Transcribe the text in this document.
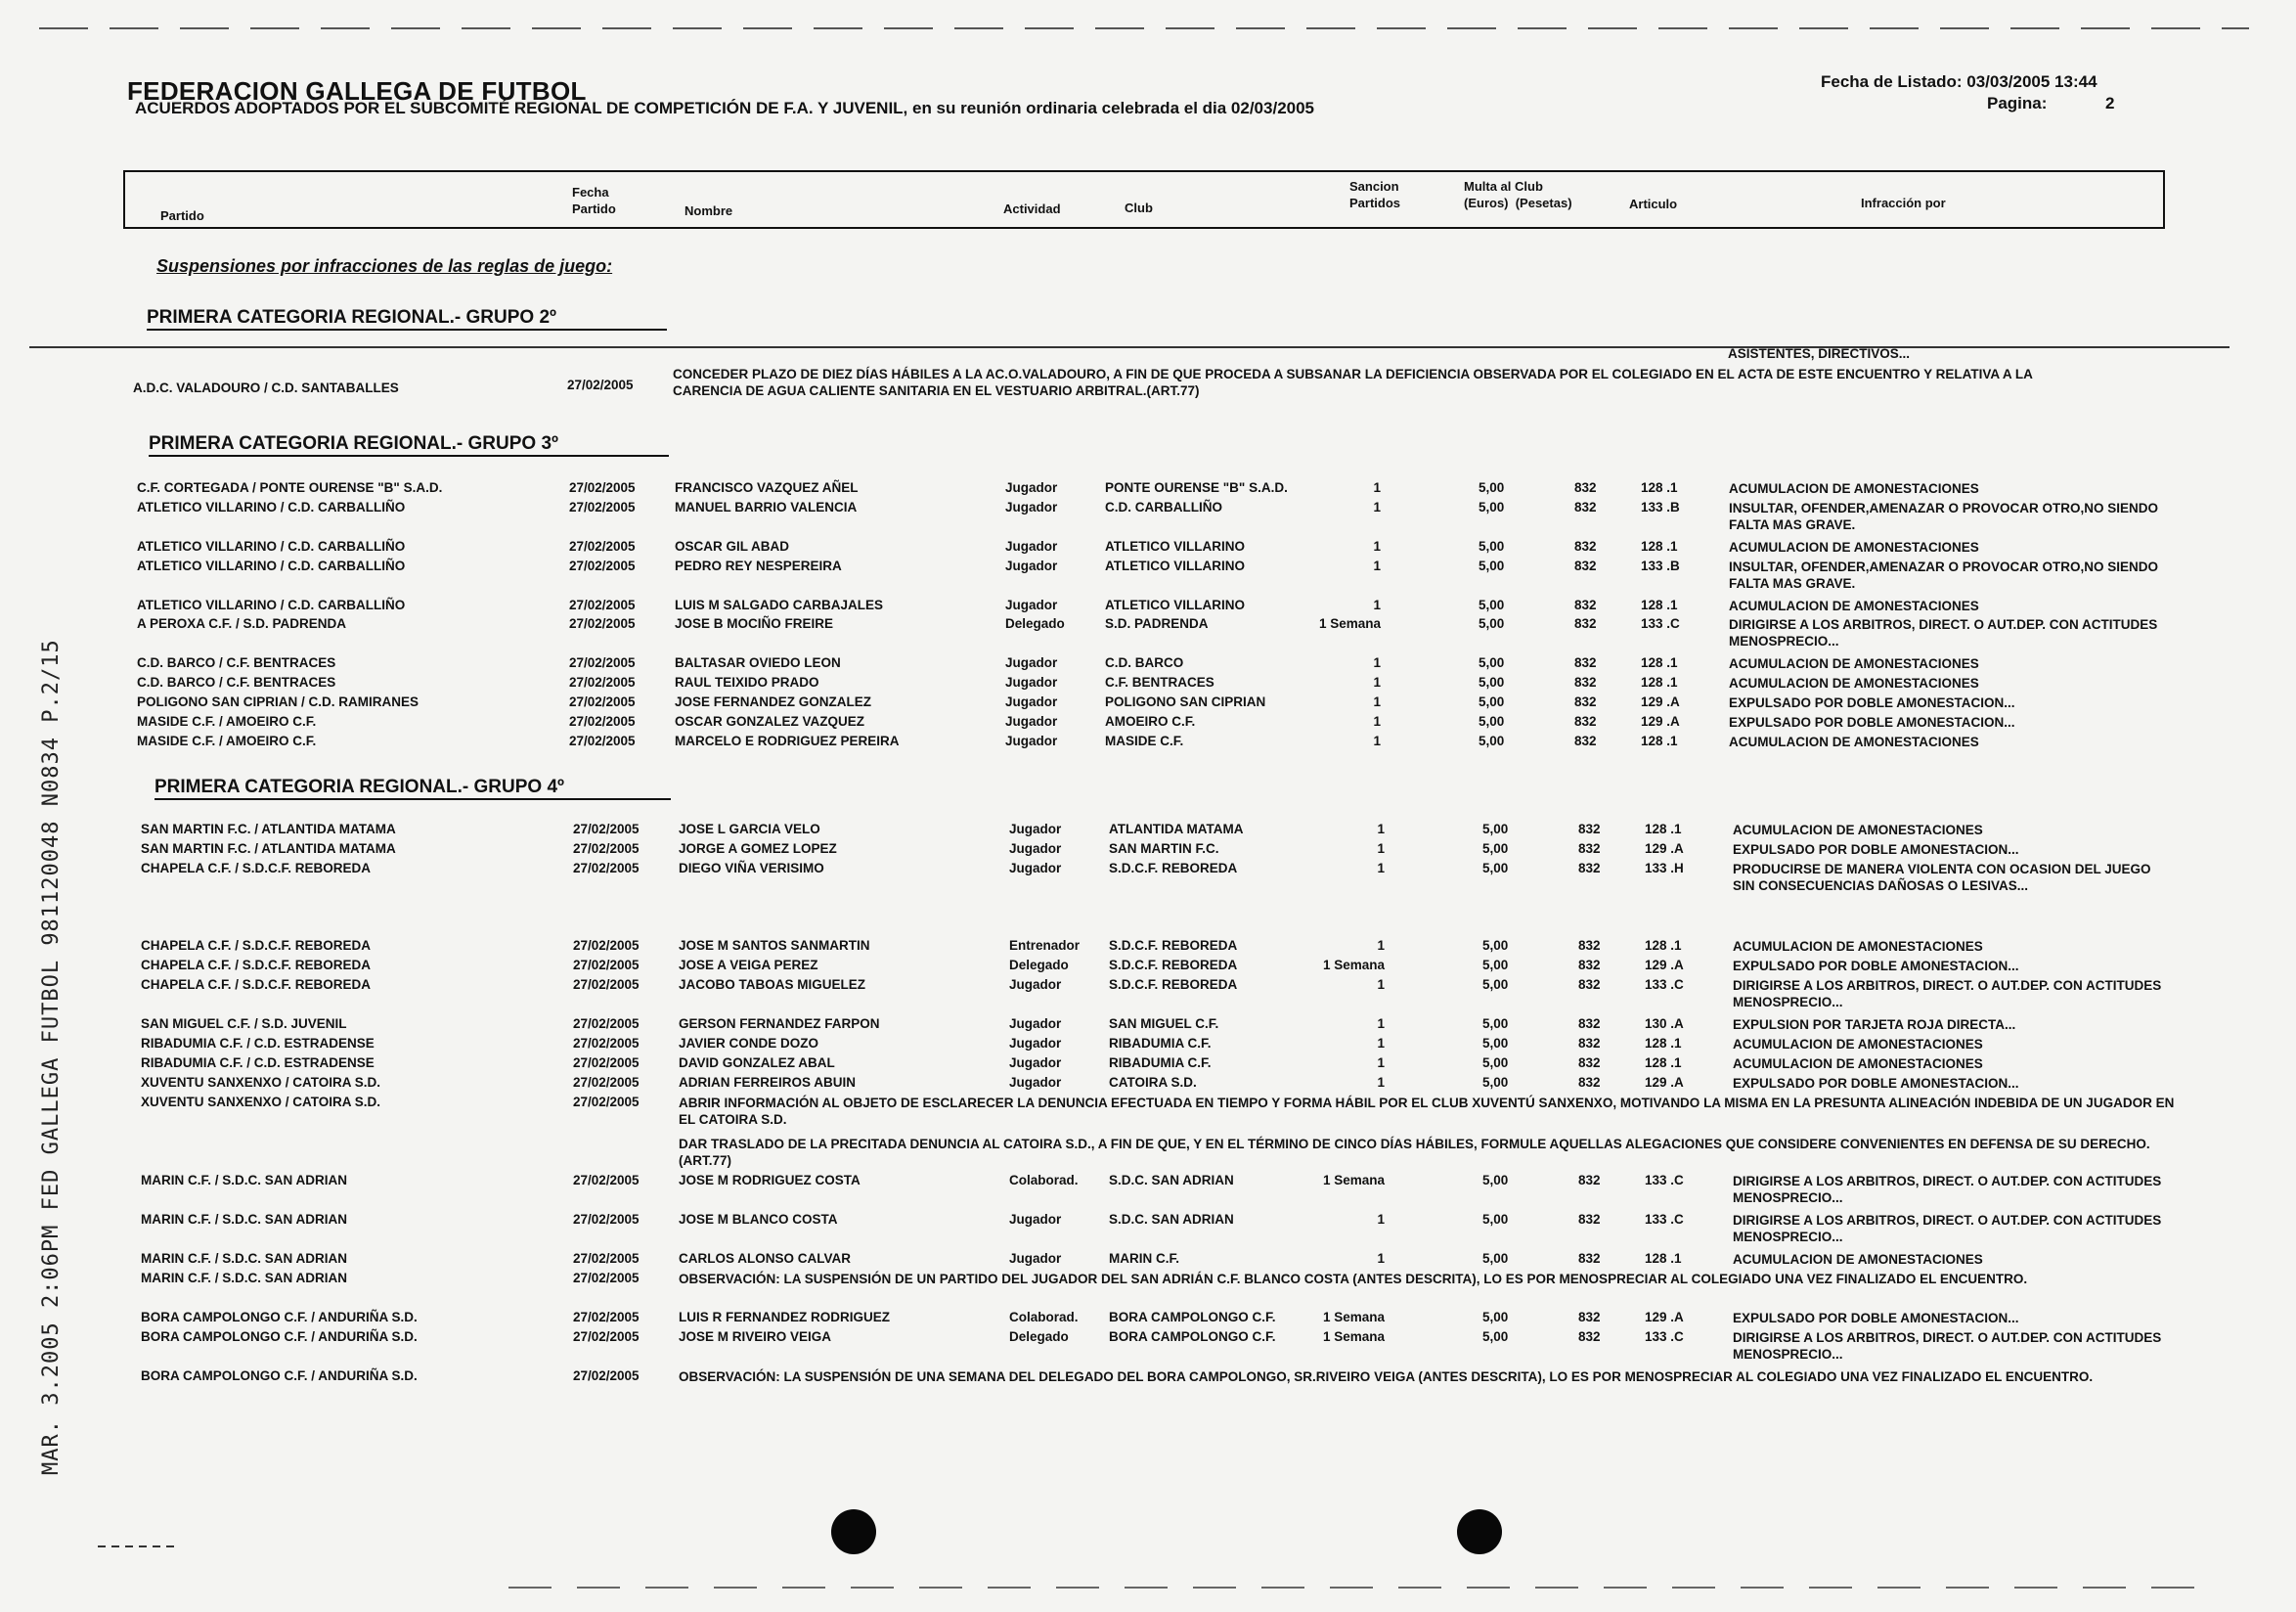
MAR. 3.2005 2:06PM FED GALLEGA FUTBOL 981120048 N0834 P.2/15
FEDERACION GALLEGA DE FUTBOL
ACUERDOS ADOPTADOS POR EL SUBCOMITÉ REGIONAL DE COMPETICIÓN DE F.A. Y JUVENIL, en su reunión ordinaria celebrada el dia 02/03/2005
Fecha de Listado: 03/03/2005 13:44
Pagina:	2
Partido
Fecha
Partido	Nombre	Actividad	Club
Sancion
Partidos
Multa al Club
(Euros)  (Pesetas)	Articulo	Infracción por
Suspensiones por infracciones de las reglas de juego:
PRIMERA CATEGORIA REGIONAL.- GRUPO 2º
ASISTENTES, DIRECTIVOS...
A.D.C. VALADOURO / C.D. SANTABALLES	27/02/2005
CONCEDER PLAZO DE DIEZ DÍAS HÁBILES A LA AC.O.VALADOURO, A FIN DE QUE PROCEDA A SUBSANAR LA DEFICIENCIA OBSERVADA POR EL COLEGIADO EN EL ACTA DE ESTE ENCUENTRO Y RELATIVA A LA CARENCIA DE AGUA CALIENTE SANITARIA EN EL VESTUARIO ARBITRAL.(ART.77)
PRIMERA CATEGORIA REGIONAL.- GRUPO 3º
C.F. CORTEGADA / PONTE OURENSE "B" S.A.D.	27/02/2005	FRANCISCO VAZQUEZ AÑEL	Jugador	PONTE OURENSE "B" S.A.D.	1	5,00	832	128 .1	ACUMULACION DE AMONESTACIONES
ATLETICO VILLARINO / C.D. CARBALLIÑO	27/02/2005	MANUEL BARRIO VALENCIA	Jugador	C.D. CARBALLIÑO	1	5,00	832	133 .B	INSULTAR, OFENDER,AMENAZAR O PROVOCAR OTRO,NO SIENDO FALTA MAS GRAVE.
ATLETICO VILLARINO / C.D. CARBALLIÑO	27/02/2005	OSCAR GIL ABAD	Jugador	ATLETICO VILLARINO	1	5,00	832	128 .1	ACUMULACION DE AMONESTACIONES
ATLETICO VILLARINO / C.D. CARBALLIÑO	27/02/2005	PEDRO REY NESPEREIRA	Jugador	ATLETICO VILLARINO	1	5,00	832	133 .B	INSULTAR, OFENDER,AMENAZAR O PROVOCAR OTRO,NO SIENDO FALTA MAS GRAVE.
ATLETICO VILLARINO / C.D. CARBALLIÑO	27/02/2005	LUIS M SALGADO CARBAJALES	Jugador	ATLETICO VILLARINO	1	5,00	832	128 .1	ACUMULACION DE AMONESTACIONES
A PEROXA C.F. / S.D. PADRENDA	27/02/2005	JOSE B MOCIÑO FREIRE	Delegado	S.D. PADRENDA	1 Semana	5,00	832	133 .C	DIRIGIRSE A LOS ARBITROS, DIRECT. O AUT.DEP. CON ACTITUDES MENOSPRECIO...
C.D. BARCO / C.F. BENTRACES	27/02/2005	BALTASAR OVIEDO LEON	Jugador	C.D. BARCO	1	5,00	832	128 .1	ACUMULACION DE AMONESTACIONES
C.D. BARCO / C.F. BENTRACES	27/02/2005	RAUL TEIXIDO PRADO	Jugador	C.F. BENTRACES	1	5,00	832	128 .1	ACUMULACION DE AMONESTACIONES
POLIGONO SAN CIPRIAN / C.D. RAMIRANES	27/02/2005	JOSE FERNANDEZ GONZALEZ	Jugador	POLIGONO SAN CIPRIAN	1	5,00	832	129 .A	EXPULSADO POR DOBLE AMONESTACION...
MASIDE C.F. / AMOEIRO C.F.	27/02/2005	OSCAR GONZALEZ VAZQUEZ	Jugador	AMOEIRO C.F.	1	5,00	832	129 .A	EXPULSADO POR DOBLE AMONESTACION...
MASIDE C.F. / AMOEIRO C.F.	27/02/2005	MARCELO E RODRIGUEZ PEREIRA	Jugador	MASIDE C.F.	1	5,00	832	128 .1	ACUMULACION DE AMONESTACIONES
PRIMERA CATEGORIA REGIONAL.- GRUPO 4º
SAN MARTIN F.C. / ATLANTIDA MATAMA	27/02/2005	JOSE L GARCIA VELO	Jugador	ATLANTIDA MATAMA	1	5,00	832	128 .1	ACUMULACION DE AMONESTACIONES
SAN MARTIN F.C. / ATLANTIDA MATAMA	27/02/2005	JORGE A GOMEZ LOPEZ	Jugador	SAN MARTIN F.C.	1	5,00	832	129 .A	EXPULSADO POR DOBLE AMONESTACION...
CHAPELA C.F. / S.D.C.F. REBOREDA	27/02/2005	DIEGO VIÑA VERISIMO	Jugador	S.D.C.F. REBOREDA	1	5,00	832	133 .H	PRODUCIRSE DE MANERA VIOLENTA CON OCASION DEL JUEGO SIN CONSECUENCIAS DAÑOSAS O LESIVAS...
CHAPELA C.F. / S.D.C.F. REBOREDA	27/02/2005	JOSE M SANTOS SANMARTIN	Entrenador S.D.C.F. REBOREDA	1	5,00	832	128 .1	ACUMULACION DE AMONESTACIONES
CHAPELA C.F. / S.D.C.F. REBOREDA	27/02/2005	JOSE A VEIGA PEREZ	Delegado	S.D.C.F. REBOREDA	1 Semana	5,00	832	129 .A	EXPULSADO POR DOBLE AMONESTACION...
CHAPELA C.F. / S.D.C.F. REBOREDA	27/02/2005	JACOBO TABOAS MIGUELEZ	Jugador	S.D.C.F. REBOREDA	1	5,00	832	133 .C	DIRIGIRSE A LOS ARBITROS, DIRECT. O AUT.DEP. CON ACTITUDES MENOSPRECIO...
SAN MIGUEL C.F. / S.D. JUVENIL	27/02/2005	GERSON FERNANDEZ FARPON	Jugador	SAN MIGUEL C.F.	1	5,00	832	130 .A	EXPULSION POR TARJETA ROJA DIRECTA...
RIBADUMIA C.F. / C.D. ESTRADENSE	27/02/2005	JAVIER CONDE DOZO	Jugador	RIBADUMIA C.F.	1	5,00	832	128 .1	ACUMULACION DE AMONESTACIONES
RIBADUMIA C.F. / C.D. ESTRADENSE	27/02/2005	DAVID GONZALEZ ABAL	Jugador	RIBADUMIA C.F.	1	5,00	832	128 .1	ACUMULACION DE AMONESTACIONES
XUVENTU SANXENXO / CATOIRA S.D.	27/02/2005	ADRIAN FERREIROS ABUIN	Jugador	CATOIRA S.D.	1	5,00	832	129 .A	EXPULSADO POR DOBLE AMONESTACION...
XUVENTU SANXENXO / CATOIRA S.D.	27/02/2005	ABRIR INFORMACIÓN AL OBJETO DE ESCLARECER LA DENUNCIA EFECTUADA EN TIEMPO Y FORMA HÁBIL POR EL CLUB XUVENTÚ SANXENXO, MOTIVANDO LA MISMA EN LA PRESUNTA ALINEACIÓN INDEBIDA DE UN JUGADOR EN EL CATOIRA S.D.
DAR TRASLADO DE LA PRECITADA DENUNCIA AL CATOIRA S.D., A FIN DE QUE, Y EN EL TÉRMINO DE CINCO DÍAS HÁBILES, FORMULE AQUELLAS ALEGACIONES QUE CONSIDERE CONVENIENTES EN DEFENSA DE SU DERECHO.(ART.77)
MARIN C.F. / S.D.C. SAN ADRIAN	27/02/2005	JOSE M RODRIGUEZ COSTA	Colaborad. S.D.C. SAN ADRIAN	1 Semana	5,00	832	133 .C	DIRIGIRSE A LOS ARBITROS, DIRECT. O AUT.DEP. CON ACTITUDES MENOSPRECIO...
MARIN C.F. / S.D.C. SAN ADRIAN	27/02/2005	JOSE M BLANCO COSTA	Jugador	S.D.C. SAN ADRIAN	1	5,00	832	133 .C	DIRIGIRSE A LOS ARBITROS, DIRECT. O AUT.DEP. CON ACTITUDES MENOSPRECIO...
MARIN C.F. / S.D.C. SAN ADRIAN	27/02/2005	CARLOS ALONSO CALVAR	Jugador	MARIN C.F.	1	5,00	832	128 .1	ACUMULACION DE AMONESTACIONES
MARIN C.F. / S.D.C. SAN ADRIAN	27/02/2005	OBSERVACIÓN: LA SUSPENSIÓN DE UN PARTIDO DEL JUGADOR DEL SAN ADRIÁN C.F. BLANCO COSTA (ANTES DESCRITA), LO ES POR MENOSPRECIAR AL COLEGIADO UNA VEZ FINALIZADO EL ENCUENTRO.
BORA CAMPOLONGO C.F. / ANDURIÑA S.D.	27/02/2005	LUIS R FERNANDEZ RODRIGUEZ	Colaborad. BORA CAMPOLONGO C.F.	1 Semana	5,00	832	129 .A	EXPULSADO POR DOBLE AMONESTACION...
BORA CAMPOLONGO C.F. / ANDURIÑA S.D.	27/02/2005	JOSE M RIVEIRO VEIGA	Delegado	BORA CAMPOLONGO C.F.	1 Semana	5,00	832	133 .C	DIRIGIRSE A LOS ARBITROS, DIRECT. O AUT.DEP. CON ACTITUDES MENOSPRECIO...
BORA CAMPOLONGO C.F. / ANDURIÑA S.D.	27/02/2005	OBSERVACIÓN: LA SUSPENSIÓN DE UNA SEMANA DEL DELEGADO DEL BORA CAMPOLONGO, SR.RIVEIRO VEIGA (ANTES DESCRITA), LO ES POR MENOSPRECIAR AL COLEGIADO UNA VEZ FINALIZADO EL ENCUENTRO.
